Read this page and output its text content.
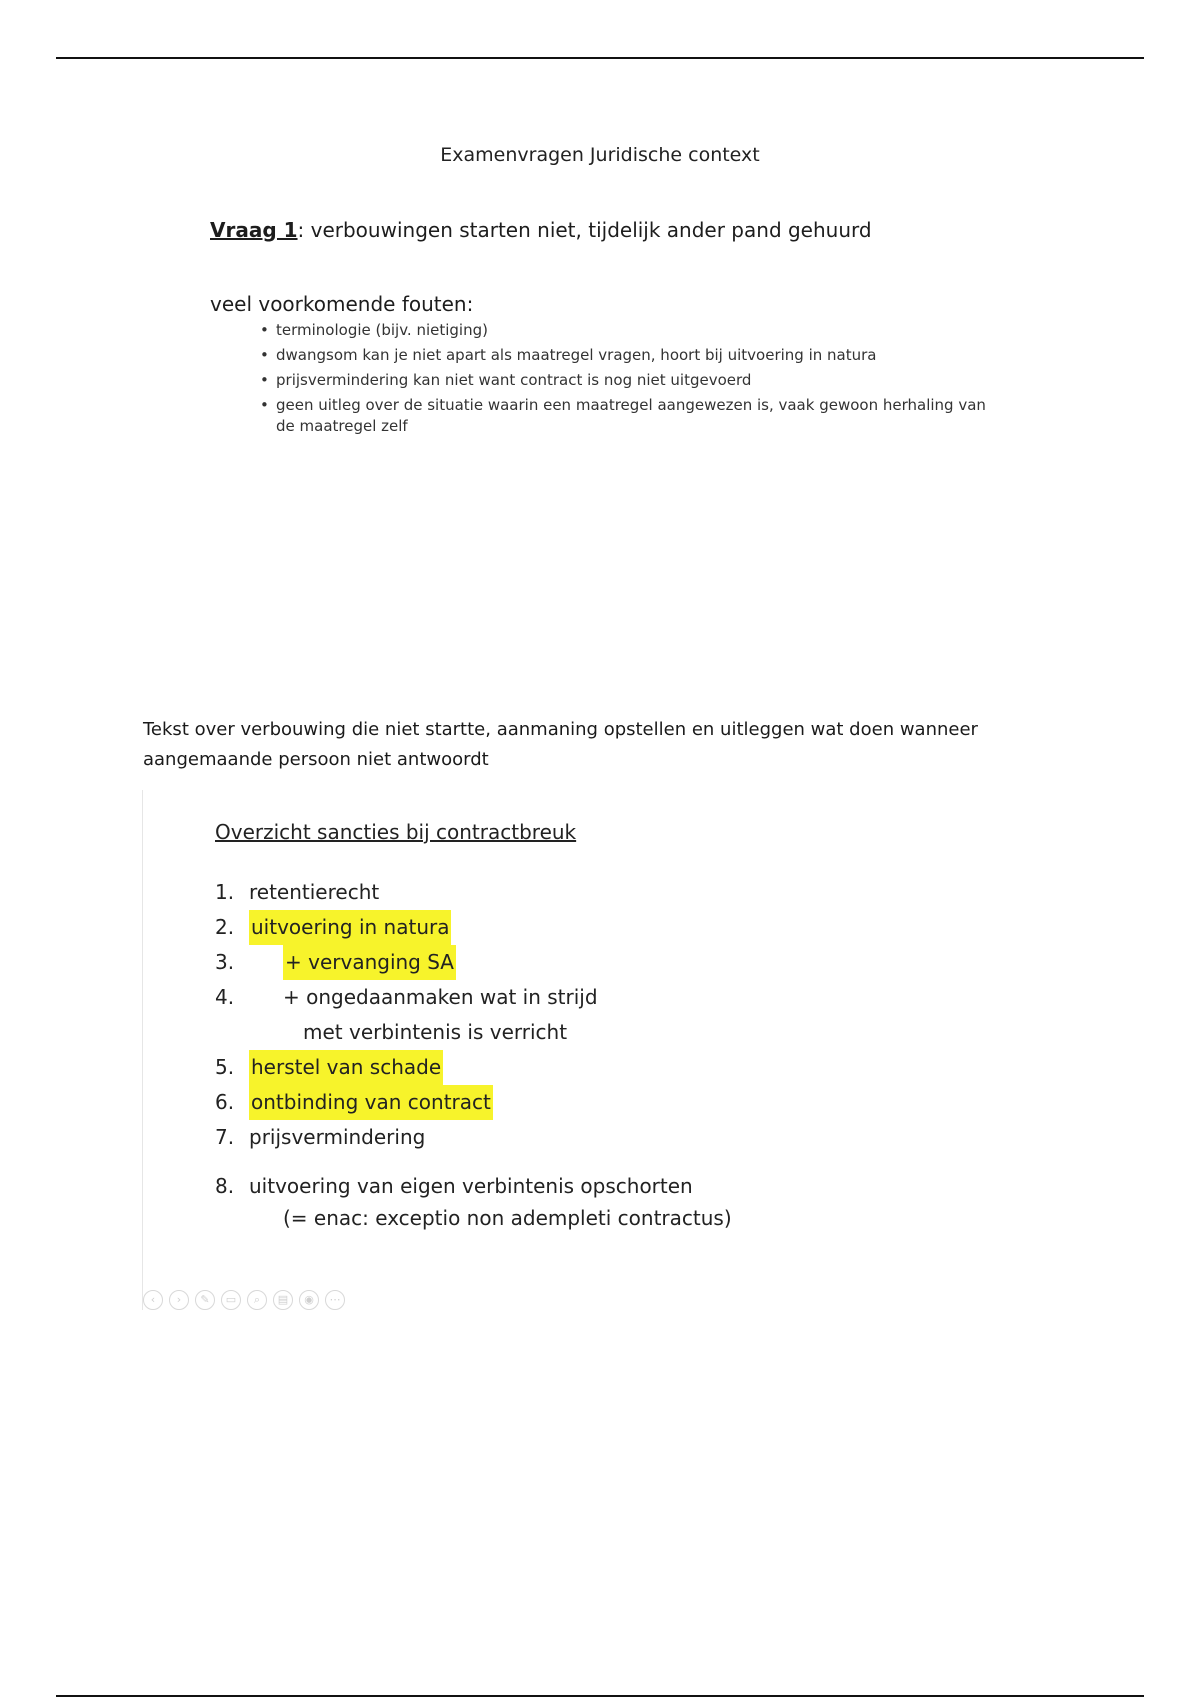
Examenvragen Juridische context
Vraag 1: verbouwingen starten niet, tijdelijk ander pand gehuurd
veel voorkomende fouten:
• terminologie (bijv. nietiging)
• dwangsom kan je niet apart als maatregel vragen, hoort bij uitvoering in natura
• prijsvermindering kan niet want contract is nog niet uitgevoerd
• geen uitleg over de situatie waarin een maatregel aangewezen is, vaak gewoon herhaling van de maatregel zelf
Tekst over verbouwing die niet startte, aanmaning opstellen en uitleggen wat doen wanneer aangemaande persoon niet antwoordt
Overzicht sancties bij contractbreuk
1. retentierecht
2. uitvoering in natura
3.	+ vervanging SA
4. + ongedaanmaken wat in strijd
met verbintenis is verricht
5. herstel van schade
6. ontbinding van contract
7. prijsvermindering
8. uitvoering van eigen verbintenis opschorten
(= enac: exceptio non adempleti contractus)
‹	›	✎	▭	⌕	▤	◉	⋯
